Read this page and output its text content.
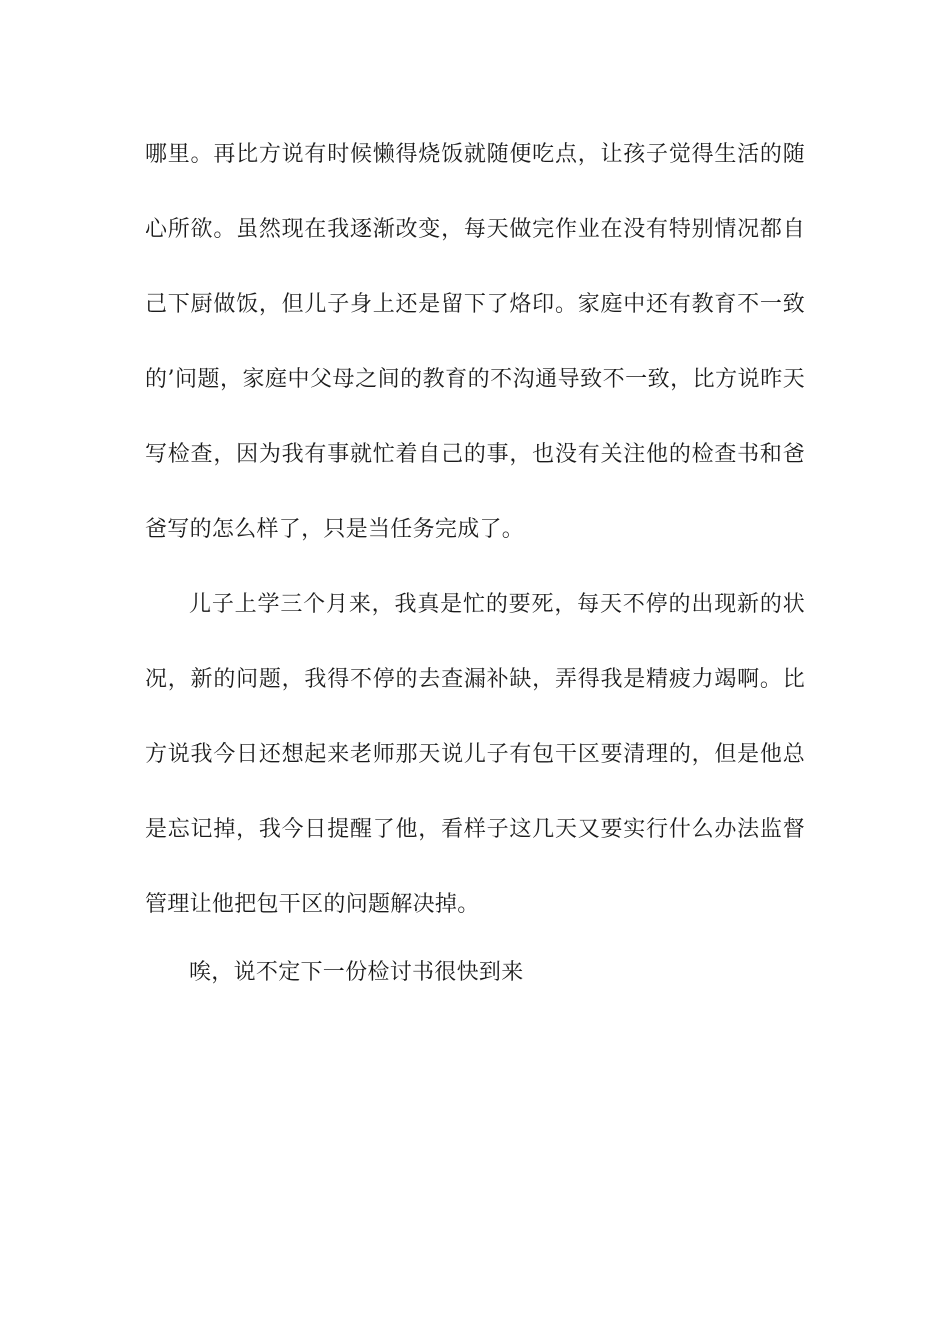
哪里。再比方说有时候懒得烧饭就随便吃点，让孩子觉得生活的随
心所欲。虽然现在我逐渐改变，每天做完作业在没有特别情况都自
己下厨做饭，但儿子身上还是留下了烙印。家庭中还有教育不一致
的’问题，家庭中父母之间的教育的不沟通导致不一致，比方说昨天
写检查，因为我有事就忙着自己的事，也没有关注他的检查书和爸
爸写的怎么样了，只是当任务完成了。
儿子上学三个月来，我真是忙的要死，每天不停的出现新的状
况，新的问题，我得不停的去查漏补缺，弄得我是精疲力竭啊。比
方说我今日还想起来老师那天说儿子有包干区要清理的，但是他总
是忘记掉，我今日提醒了他，看样子这几天又要实行什么办法监督
管理让他把包干区的问题解决掉。
唉，说不定下一份检讨书很快到来
